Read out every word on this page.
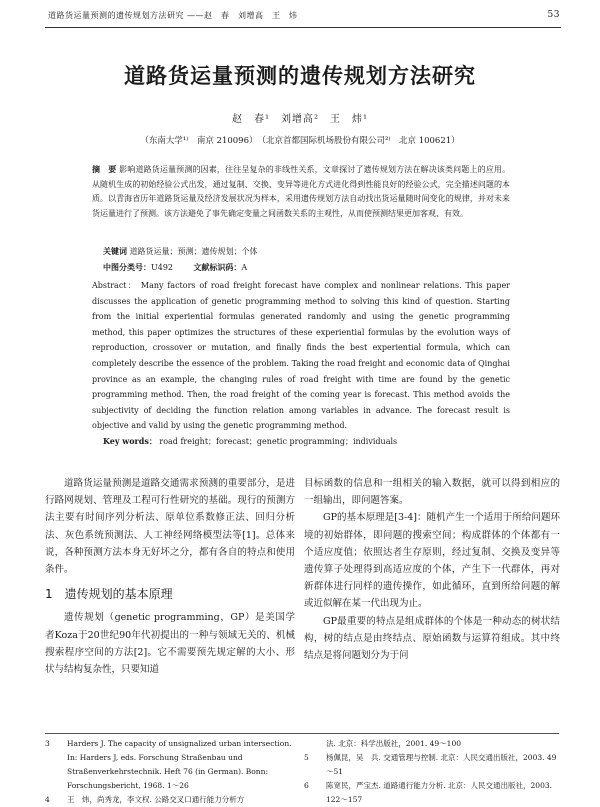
道路货运量预测的遗传规划方法研究 ——赵　春　刘增高　王　炜	53
道路货运量预测的遗传规划方法研究
赵　春¹　刘增高²　王　炜¹
（东南大学¹⁾　南京 210096）　（北京首都国际机场股份有限公司²⁾　北京 100621）
摘　要 影响道路货运量预测的因素，往往呈复杂的非线性关系，文章探讨了遗传规划方法在解决该类问题上的应用。从随机生成的初始经验公式出发，通过复制、交换、变异等进化方式进化得到性能良好的经验公式，完全描述问题的本质。以青海省历年道路货运量及经济发展状况为样本，采用遗传规划方法自动找出货运量随时间变化的规律，并对未来货运量进行了预测。该方法避免了事先确定变量之间函数关系的主观性，从而使预测结果更加客观、有效。
关键词 道路货运量；预测；遗传规划；个体
中图分类号：U492	文献标识码：A
Abstract： Many factors of road freight forecast have complex and nonlinear relations. This paper discusses the application of genetic programming method to solving this kind of question. Starting from the initial experiential formulas generated randomly and using the genetic programming method, this paper optimizes the structures of these experiential formulas by the evolution ways of reproduction, crossover or mutation, and finally finds the best experiential formula, which can completely describe the essence of the problem. Taking the road freight and economic data of Qinghai province as an example, the changing rules of road freight with time are found by the genetic programming method. Then, the road freight of the coming year is forecast. This method avoids the subjectivity of deciding the function relation among variables in advance. The forecast result is objective and valid by using the genetic programming method.
Key words： road freight；forecast；genetic programming；individuals

道路货运量预测是道路交通需求预测的重要部分，是进行路网规划、管理及工程可行性研究的基础。现行的预测方法主要有时间序列分析法、原单位系数修正法、回归分析法、灰色系统预测法、人工神经网络模型法等[1]。总体来说，各种预测方法本身无好坏之分，都有各自的特点和使用条件。

1　遗传规划的基本原理

遗传规划（genetic programming，GP）是美国学者Koza于20世纪90年代初提出的一种与领域无关的、机械搜索程序空间的方法[2]。它不需要预先规定解的大小、形状与结构复杂性，只要知道

目标函数的信息和一组相关的输入数据，就可以得到相应的一组输出，即问题答案。

GP的基本原理是[3-4]：随机产生一个适用于所给问题环境的初始群体，即问题的搜索空间；构成群体的个体都有一个适应度值；依照达者生存原则，经过复制、交换及变异等遗传算子处理得到高适应度的个体，产生下一代群体，再对新群体进行同样的遗传操作，如此循环，直到所给问题的解或近似解在某一代出现为止。

GP最重要的特点是组成群体的个体是一种动态的树状结构，树的结点是由终结点、原始函数与运算符组成。其中终结点是将问题划分为于问

3	Harders J. The capacity of unsignalized urban intersection. In: Harders J, eds. Forschung Straßenbau und Straßenverkehrstechnik. Heft 76 (in German). Bonn: Forschungsbericht, 1968. 1～26
4	王　炜，尚秀龙，李文权. 公路交叉口通行能力分析方
法. 北京：科学出版社，2001. 49～100
5	杨佩昆，吴　兵. 交通管理与控制. 北京：人民交通出版社，2003. 49～51
6	陈宽民，严宝杰. 道路通行能力分析. 北京：人民交通出版社，2003. 122～157
